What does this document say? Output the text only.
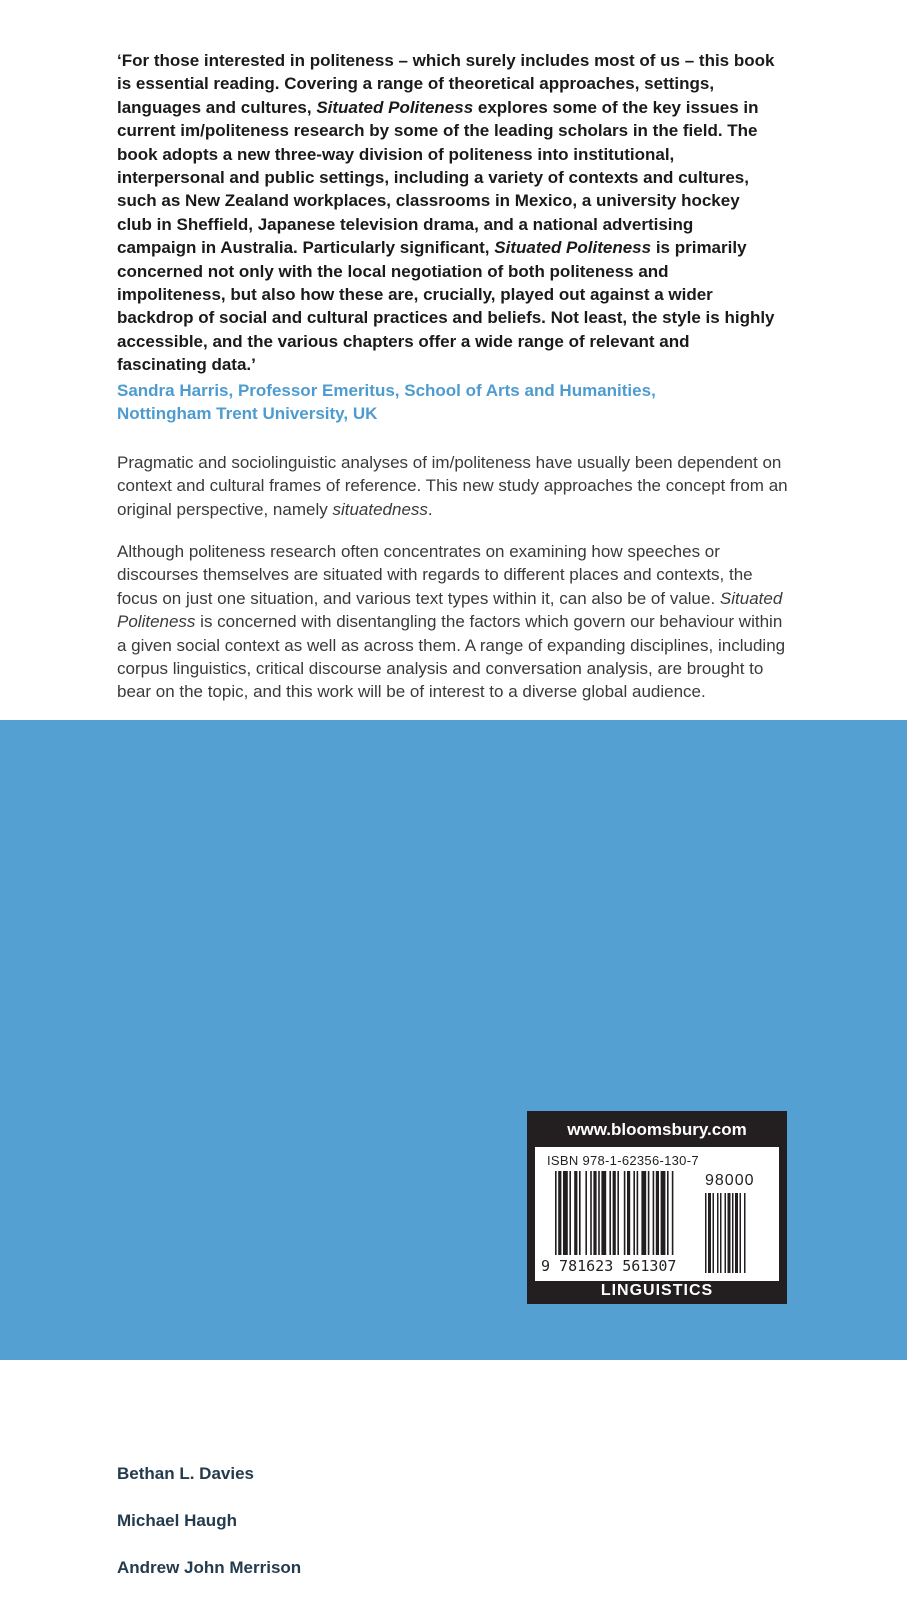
‘For those interested in politeness – which surely includes most of us – this book is essential reading. Covering a range of theoretical approaches, settings, languages and cultures, Situated Politeness explores some of the key issues in current im/politeness research by some of the leading scholars in the field. The book adopts a new three-way division of politeness into institutional, interpersonal and public settings, including a variety of contexts and cultures, such as New Zealand workplaces, classrooms in Mexico, a university hockey club in Sheffield, Japanese television drama, and a national advertising campaign in Australia. Particularly significant, Situated Politeness is primarily concerned not only with the local negotiation of both politeness and impoliteness, but also how these are, crucially, played out against a wider backdrop of social and cultural practices and beliefs. Not least, the style is highly accessible, and the various chapters offer a wide range of relevant and fascinating data.’

Sandra Harris, Professor Emeritus, School of Arts and Humanities,
Nottingham Trent University, UK

Pragmatic and sociolinguistic analyses of im/politeness have usually been dependent on context and cultural frames of reference. This new study approaches the concept from an original perspective, namely situatedness.

Although politeness research often concentrates on examining how speeches or discourses themselves are situated with regards to different places and contexts, the focus on just one situation, and various text types within it, can also be of value. Situated Politeness is concerned with disentangling the factors which govern our behaviour within a given social context as well as across them. A range of expanding disciplines, including corpus linguistics, critical discourse analysis and conversation analysis, are brought to bear on the topic, and this work will be of interest to a diverse global audience.

Bethan L. Davies is a Lecturer on Linguistics and Phonetics at the University of Leeds, UK.
Michael Haugh is a Senior Lecturer in the School of Languages and Linguistics at Griffith University, Brisbane, Australia.
Andrew John Merrison is a Lecturer in the English Language and Linguistics Department at York St. John University, UK.

www.bloomsbury.com
ISBN 978-1-62356-130-7
98000
9 781623 561307
LINGUISTICS
